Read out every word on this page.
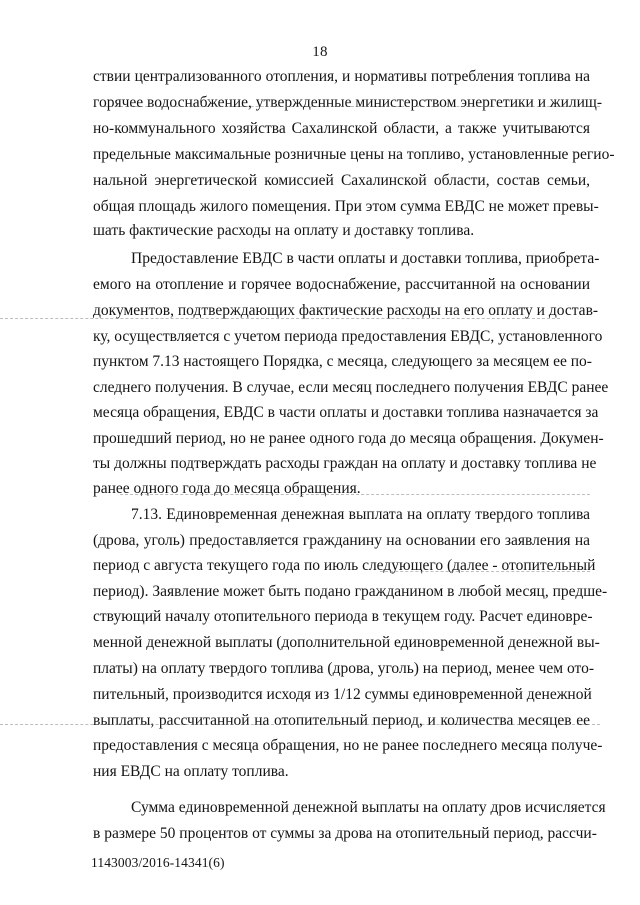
18
ствии централизованного отопления, и нормативы потребления топлива на
горячее водоснабжение, утвержденные министерством энергетики и жилищ-
но-коммунального хозяйства Сахалинской области, а также учитываются
предельные максимальные розничные цены на топливо, установленные регио-
нальной энергетической комиссией Сахалинской области, состав семьи,
общая площадь жилого помещения. При этом сумма ЕВДС не может превы-
шать фактические расходы на оплату и доставку топлива.
Предоставление ЕВДС в части оплаты и доставки топлива, приобрета-
емого на отопление и горячее водоснабжение, рассчитанной на основании
документов, подтверждающих фактические расходы на его оплату и достав-
ку, осуществляется с учетом периода предоставления ЕВДС, установленного
пунктом 7.13 настоящего Порядка, с месяца, следующего за месяцем ее по-
следнего получения. В случае, если месяц последнего получения ЕВДС ранее
месяца обращения, ЕВДС в части оплаты и доставки топлива назначается за
прошедший период, но не ранее одного года до месяца обращения. Докумен-
ты должны подтверждать расходы граждан на оплату и доставку топлива не
ранее одного года до месяца обращения.
7.13. Единовременная денежная выплата на оплату твердого топлива
(дрова, уголь) предоставляется гражданину на основании его заявления на
период с августа текущего года по июль следующего (далее - отопительный
период). Заявление может быть подано гражданином в любой месяц, предше-
ствующий началу отопительного периода в текущем году. Расчет единовре-
менной денежной выплаты (дополнительной единовременной денежной вы-
платы) на оплату твердого топлива (дрова, уголь) на период, менее чем ото-
пительный, производится исходя из 1/12 суммы единовременной денежной
выплаты, рассчитанной на отопительный период, и количества месяцев ее
предоставления с месяца обращения, но не ранее последнего месяца получе-
ния ЕВДС на оплату топлива.
Сумма единовременной денежной выплаты на оплату дров исчисляется
в размере 50 процентов от суммы за дрова на отопительный период, рассчи-
1143003/2016-14341(6)
